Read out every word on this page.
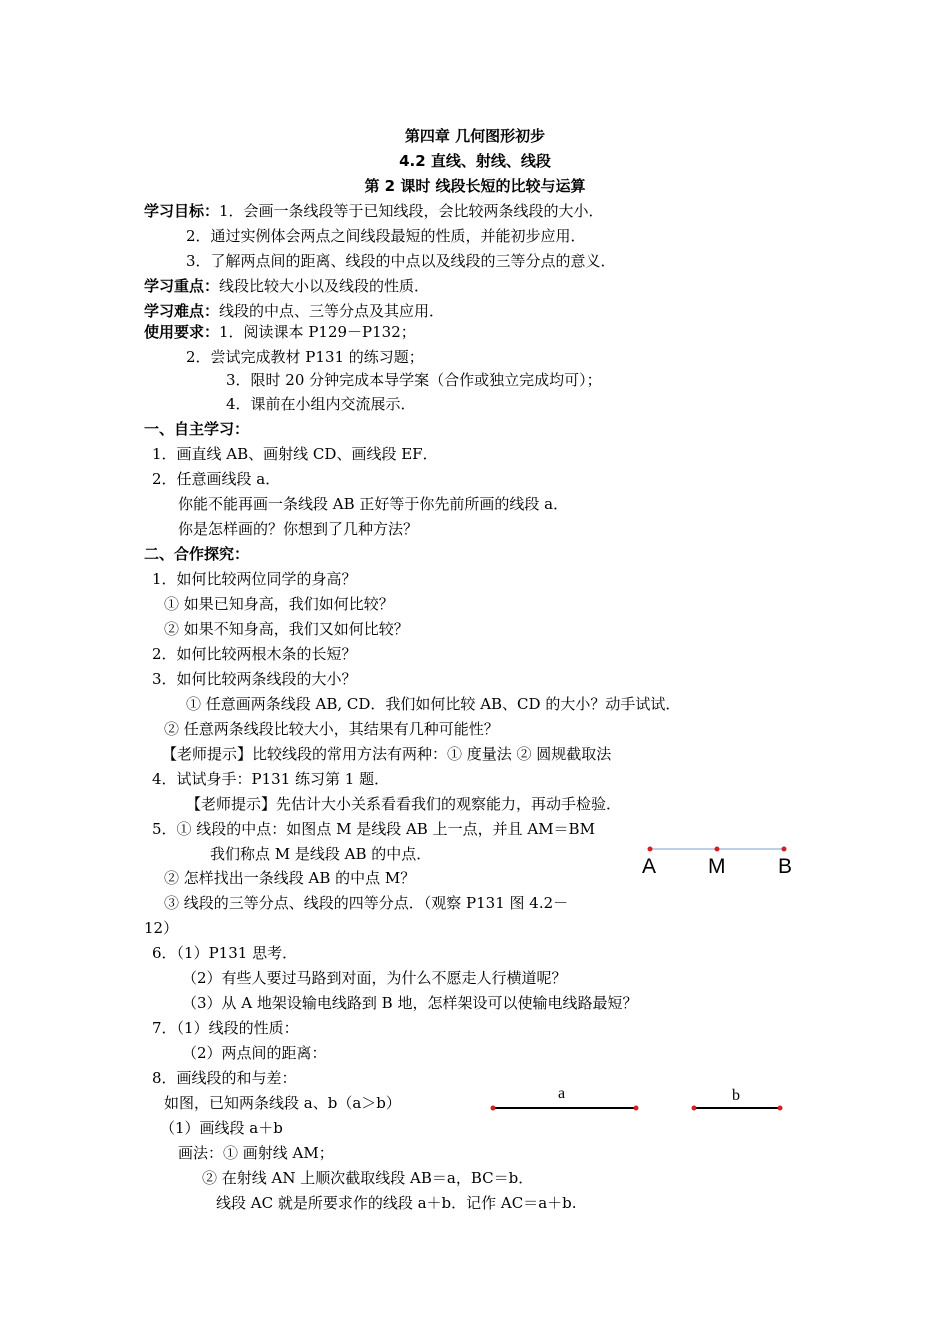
第四章 几何图形初步
4.2 直线、射线、线段
第 2 课时 线段长短的比较与运算
学习目标：1．会画一条线段等于已知线段，会比较两条线段的大小．
2．通过实例体会两点之间线段最短的性质，并能初步应用．
3．了解两点间的距离、线段的中点以及线段的三等分点的意义．
学习重点：线段比较大小以及线段的性质．
学习难点：线段的中点、三等分点及其应用．
使用要求：1．阅读课本 P129－P132；
2．尝试完成教材 P131 的练习题；
3．限时 20 分钟完成本导学案（合作或独立完成均可）；
4．课前在小组内交流展示．
一、自主学习：
1．画直线 AB、画射线 CD、画线段 EF．
2．任意画线段 a．
你能不能再画一条线段 AB 正好等于你先前所画的线段 a．
你是怎样画的？你想到了几种方法？
二、合作探究：
1．如何比较两位同学的身高？
① 如果已知身高，我们如何比较？
② 如果不知身高，我们又如何比较？
2．如何比较两根木条的长短？
3．如何比较两条线段的大小？
① 任意画两条线段 AB, CD．我们如何比较 AB、CD 的大小？动手试试．
② 任意两条线段比较大小，其结果有几种可能性？
【老师提示】比较线段的常用方法有两种：① 度量法 ② 圆规截取法
4．试试身手：P131 练习第 1 题．
【老师提示】先估计大小关系看看我们的观察能力，再动手检验．
5．① 线段的中点：如图点 M 是线段 AB 上一点，并且 AM＝BM
我们称点 M 是线段 AB 的中点．
② 怎样找出一条线段 AB 的中点 M？
③ 线段的三等分点、线段的四等分点．（观察 P131 图 4.2－
12）
6．（1）P131 思考．
（2）有些人要过马路到对面，为什么不愿走人行横道呢？
（3）从 A 地架设输电线路到 B 地，怎样架设可以使输电线路最短？
7．（1）线段的性质：
（2）两点间的距离：
8．画线段的和与差：
如图，已知两条线段 a、b（a＞b）
（1）画线段 a＋b
画法：① 画射线 AM；
② 在射线 AN 上顺次截取线段 AB＝a，BC＝b．
线段 AC 就是所要求作的线段 a＋b．记作 AC＝a＋b.
A M	B
a	b
